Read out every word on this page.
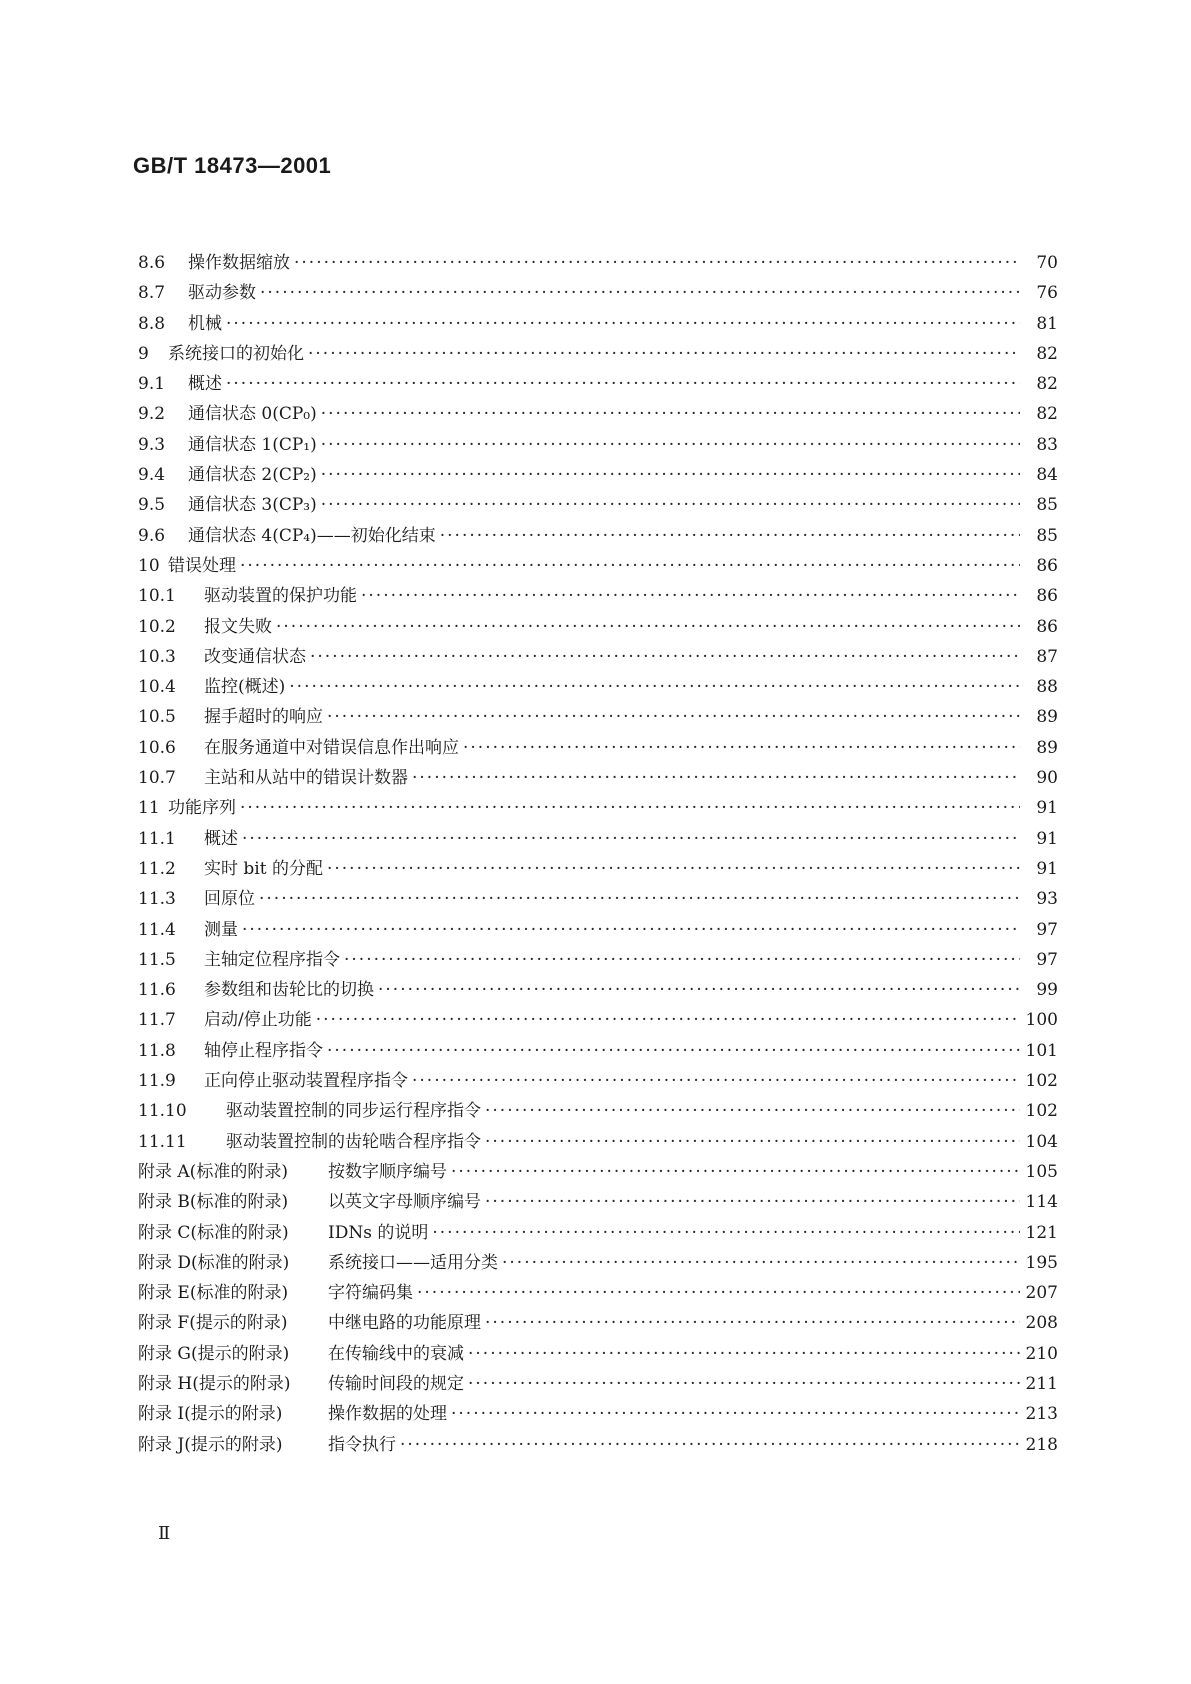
GB/T 18473—2001

8.6	操作数据缩放 ·····	70
8.7	驱动参数 ·····	76
8.8	机械 ·····	81
9	系统接口的初始化 ·····	82
9.1	概述 ·····	82
9.2	通信状态 0(CP₀) ·····	82
9.3	通信状态 1(CP₁) ·····	83
9.4	通信状态 2(CP₂) ·····	84
9.5	通信状态 3(CP₃) ·····	85
9.6	通信状态 4(CP₄)——初始化结束 ·····	85
10 错误处理 ·····	86
10.1	驱动装置的保护功能 ·····	86
10.2	报文失败 ·····	86
10.3	改变通信状态 ·····	87
10.4	监控(概述) ·····	88
10.5	握手超时的响应 ·····	89
10.6	在服务通道中对错误信息作出响应 ·····	89
10.7	主站和从站中的错误计数器 ·····	90
11 功能序列 ·····	91
11.1	概述 ·····	91
11.2	实时 bit 的分配 ·····	91
11.3	回原位 ·····	93
11.4	测量 ·····	97
11.5	主轴定位程序指令 ·····	97
11.6	参数组和齿轮比的切换 ·····	99
11.7	启动/停止功能 ·····	100
11.8	轴停止程序指令 ·····	101
11.9	正向停止驱动装置程序指令 ·····	102
11.10	驱动装置控制的同步运行程序指令 ·····	102
11.11	驱动装置控制的齿轮啮合程序指令 ·····	104
附录 A(标准的附录)	按数字顺序编号 ·····	105
附录 B(标准的附录)	以英文字母顺序编号 ·····	114
附录 C(标准的附录)	IDNs 的说明 ·····	121
附录 D(标准的附录)	系统接口——适用分类 ·····	195
附录 E(标准的附录)	字符编码集 ·····	207
附录 F(提示的附录)	中继电路的功能原理 ·····	208
附录 G(提示的附录)	在传输线中的衰减 ·····	210
附录 H(提示的附录)	传输时间段的规定 ·····	211
附录 I(提示的附录)	操作数据的处理 ·····	213
附录 J(提示的附录)	指令执行 ·····	218

Ⅱ
